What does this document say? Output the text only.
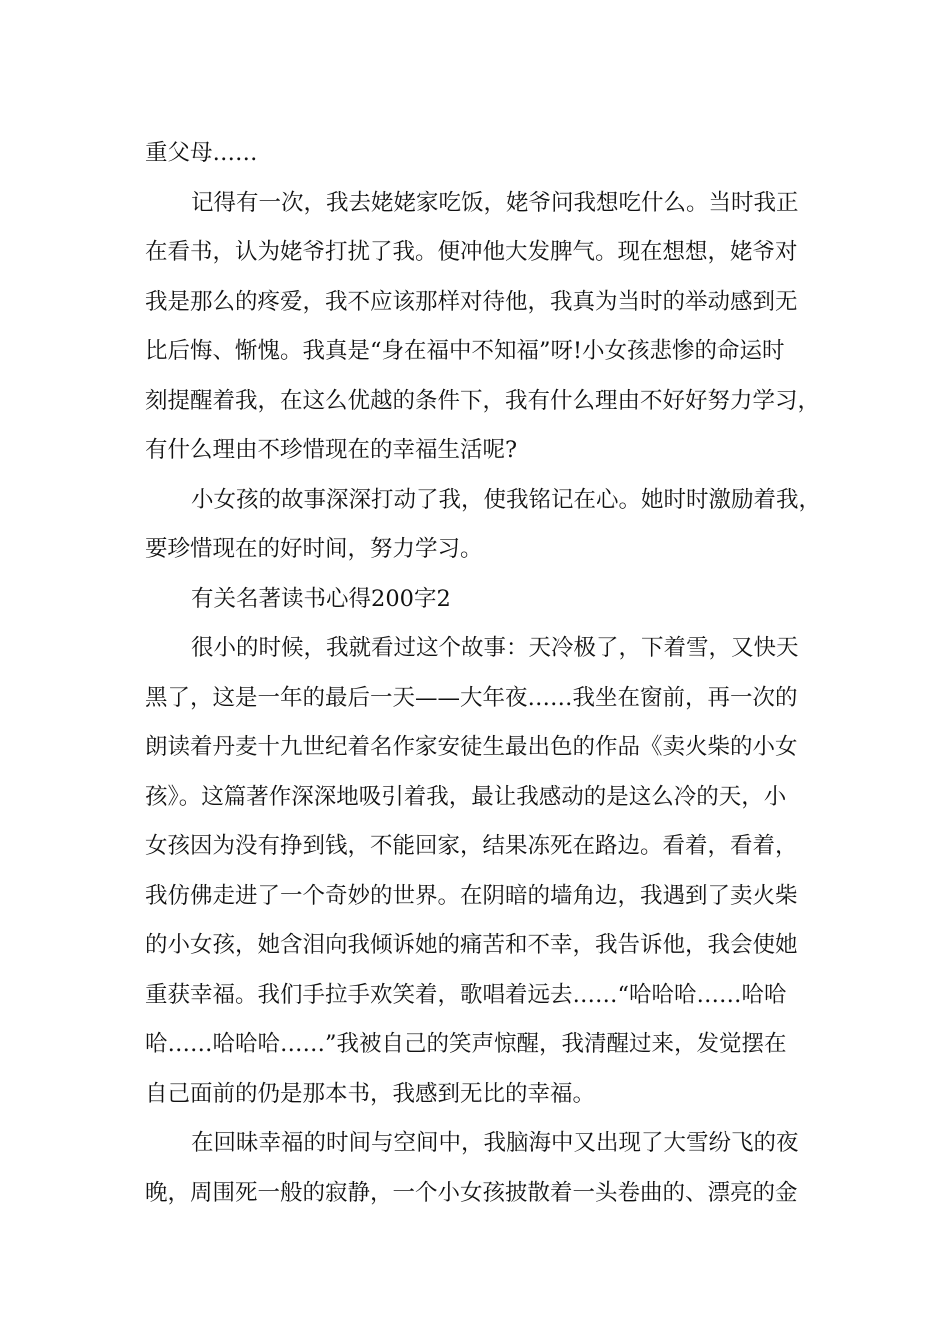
重父母……
记得有一次，我去姥姥家吃饭，姥爷问我想吃什么。当时我正
在看书，认为姥爷打扰了我。便冲他大发脾气。现在想想，姥爷对
我是那么的疼爱，我不应该那样对待他，我真为当时的举动感到无
比后悔、惭愧。我真是“身在福中不知福”呀!小女孩悲惨的命运时
刻提醒着我，在这么优越的条件下，我有什么理由不好好努力学习，
有什么理由不珍惜现在的幸福生活呢?
小女孩的故事深深打动了我，使我铭记在心。她时时激励着我，
要珍惜现在的好时间，努力学习。
有关名著读书心得200字2
很小的时候，我就看过这个故事：天冷极了，下着雪，又快天
黑了，这是一年的最后一天——大年夜……我坐在窗前，再一次的
朗读着丹麦十九世纪着名作家安徒生最出色的作品《卖火柴的小女
孩》。这篇著作深深地吸引着我，最让我感动的是这么冷的天，小
女孩因为没有挣到钱，不能回家，结果冻死在路边。看着，看着，
我仿佛走进了一个奇妙的世界。在阴暗的墙角边，我遇到了卖火柴
的小女孩，她含泪向我倾诉她的痛苦和不幸，我告诉他，我会使她
重获幸福。我们手拉手欢笑着，歌唱着远去……“哈哈哈……哈哈
哈……哈哈哈……”我被自己的笑声惊醒，我清醒过来，发觉摆在
自己面前的仍是那本书，我感到无比的幸福。
在回昧幸福的时间与空间中，我脑海中又出现了大雪纷飞的夜
晚，周围死一般的寂静，一个小女孩披散着一头卷曲的、漂亮的金
